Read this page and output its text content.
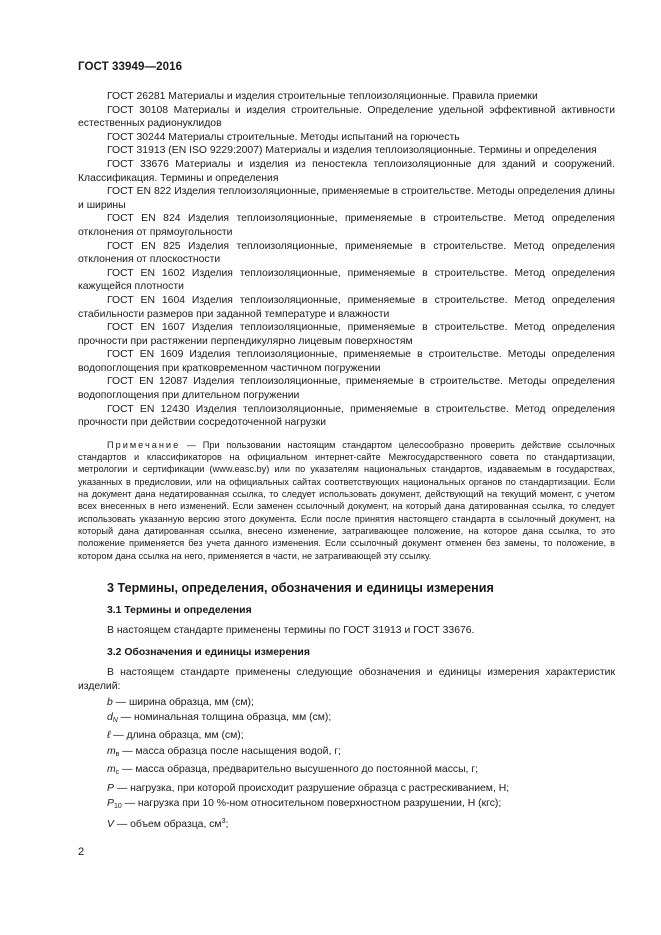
ГОСТ 33949—2016

ГОСТ 26281 Материалы и изделия строительные теплоизоляционные. Правила приемки

ГОСТ 30108 Материалы и изделия строительные. Определение удельной эффективной активности естественных радионуклидов

ГОСТ 30244 Материалы строительные. Методы испытаний на горючесть

ГОСТ 31913 (EN ISO 9229:2007) Материалы и изделия теплоизоляционные. Термины и определения

ГОСТ 33676 Материалы и изделия из пеностекла теплоизоляционные для зданий и сооружений. Классификация. Термины и определения

ГОСТ EN 822 Изделия теплоизоляционные, применяемые в строительстве. Методы определения длины и ширины

ГОСТ EN 824 Изделия теплоизоляционные, применяемые в строительстве. Метод определения отклонения от прямоугольности

ГОСТ EN 825 Изделия теплоизоляционные, применяемые в строительстве. Метод определения отклонения от плоскостности

ГОСТ EN 1602 Изделия теплоизоляционные, применяемые в строительстве. Метод определения кажущейся плотности

ГОСТ EN 1604 Изделия теплоизоляционные, применяемые в строительстве. Метод определения стабильности размеров при заданной температуре и влажности

ГОСТ EN 1607 Изделия теплоизоляционные, применяемые в строительстве. Метод определения прочности при растяжении перпендикулярно лицевым поверхностям

ГОСТ EN 1609 Изделия теплоизоляционные, применяемые в строительстве. Методы определения водопоглощения при кратковременном частичном погружении

ГОСТ EN 12087 Изделия теплоизоляционные, применяемые в строительстве. Методы определения водопоглощения при длительном погружении

ГОСТ EN 12430 Изделия теплоизоляционные, применяемые в строительстве. Метод определения прочности при действии сосредоточенной нагрузки

Примечание — При пользовании настоящим стандартом целесообразно проверить действие ссылочных стандартов и классификаторов на официальном интернет-сайте Межгосударственного совета по стандартизации, метрологии и сертификации (www.easc.by) или по указателям национальных стандартов, издаваемым в государствах, указанных в предисловии, или на официальных сайтах соответствующих национальных органов по стандартизации. Если на документ дана недатированная ссылка, то следует использовать документ, действующий на текущий момент, с учетом всех внесенных в него изменений. Если заменен ссылочный документ, на который дана датированная ссылка, то следует использовать указанную версию этого документа. Если после принятия настоящего стандарта в ссылочный документ, на который дана датированная ссылка, внесено изменение, затрагивающее положение, на которое дана ссылка, то это положение применяется без учета данного изменения. Если ссылочный документ отменен без замены, то положение, в котором дана ссылка на него, применяется в части, не затрагивающей эту ссылку.

3 Термины, определения, обозначения и единицы измерения
3.1 Термины и определения

В настоящем стандарте применены термины по ГОСТ 31913 и ГОСТ 33676.

3.2 Обозначения и единицы измерения

В настоящем стандарте применены следующие обозначения и единицы измерения характеристик изделий:

b — ширина образца, мм (см);

$d_N$ — номинальная толщина образца, мм (см);

ℓ — длина образца, мм (см);

$m_в$ — масса образца после насыщения водой, г;

$m_c$ — масса образца, предварительно высушенного до постоянной массы, г;

P — нагрузка, при которой происходит разрушение образца с растрескиванием, Н;

$P_{10}$ — нагрузка при 10 %-ном относительном поверхностном разрушении, Н (кгс);

V — объем образца, $см^3$;

2
